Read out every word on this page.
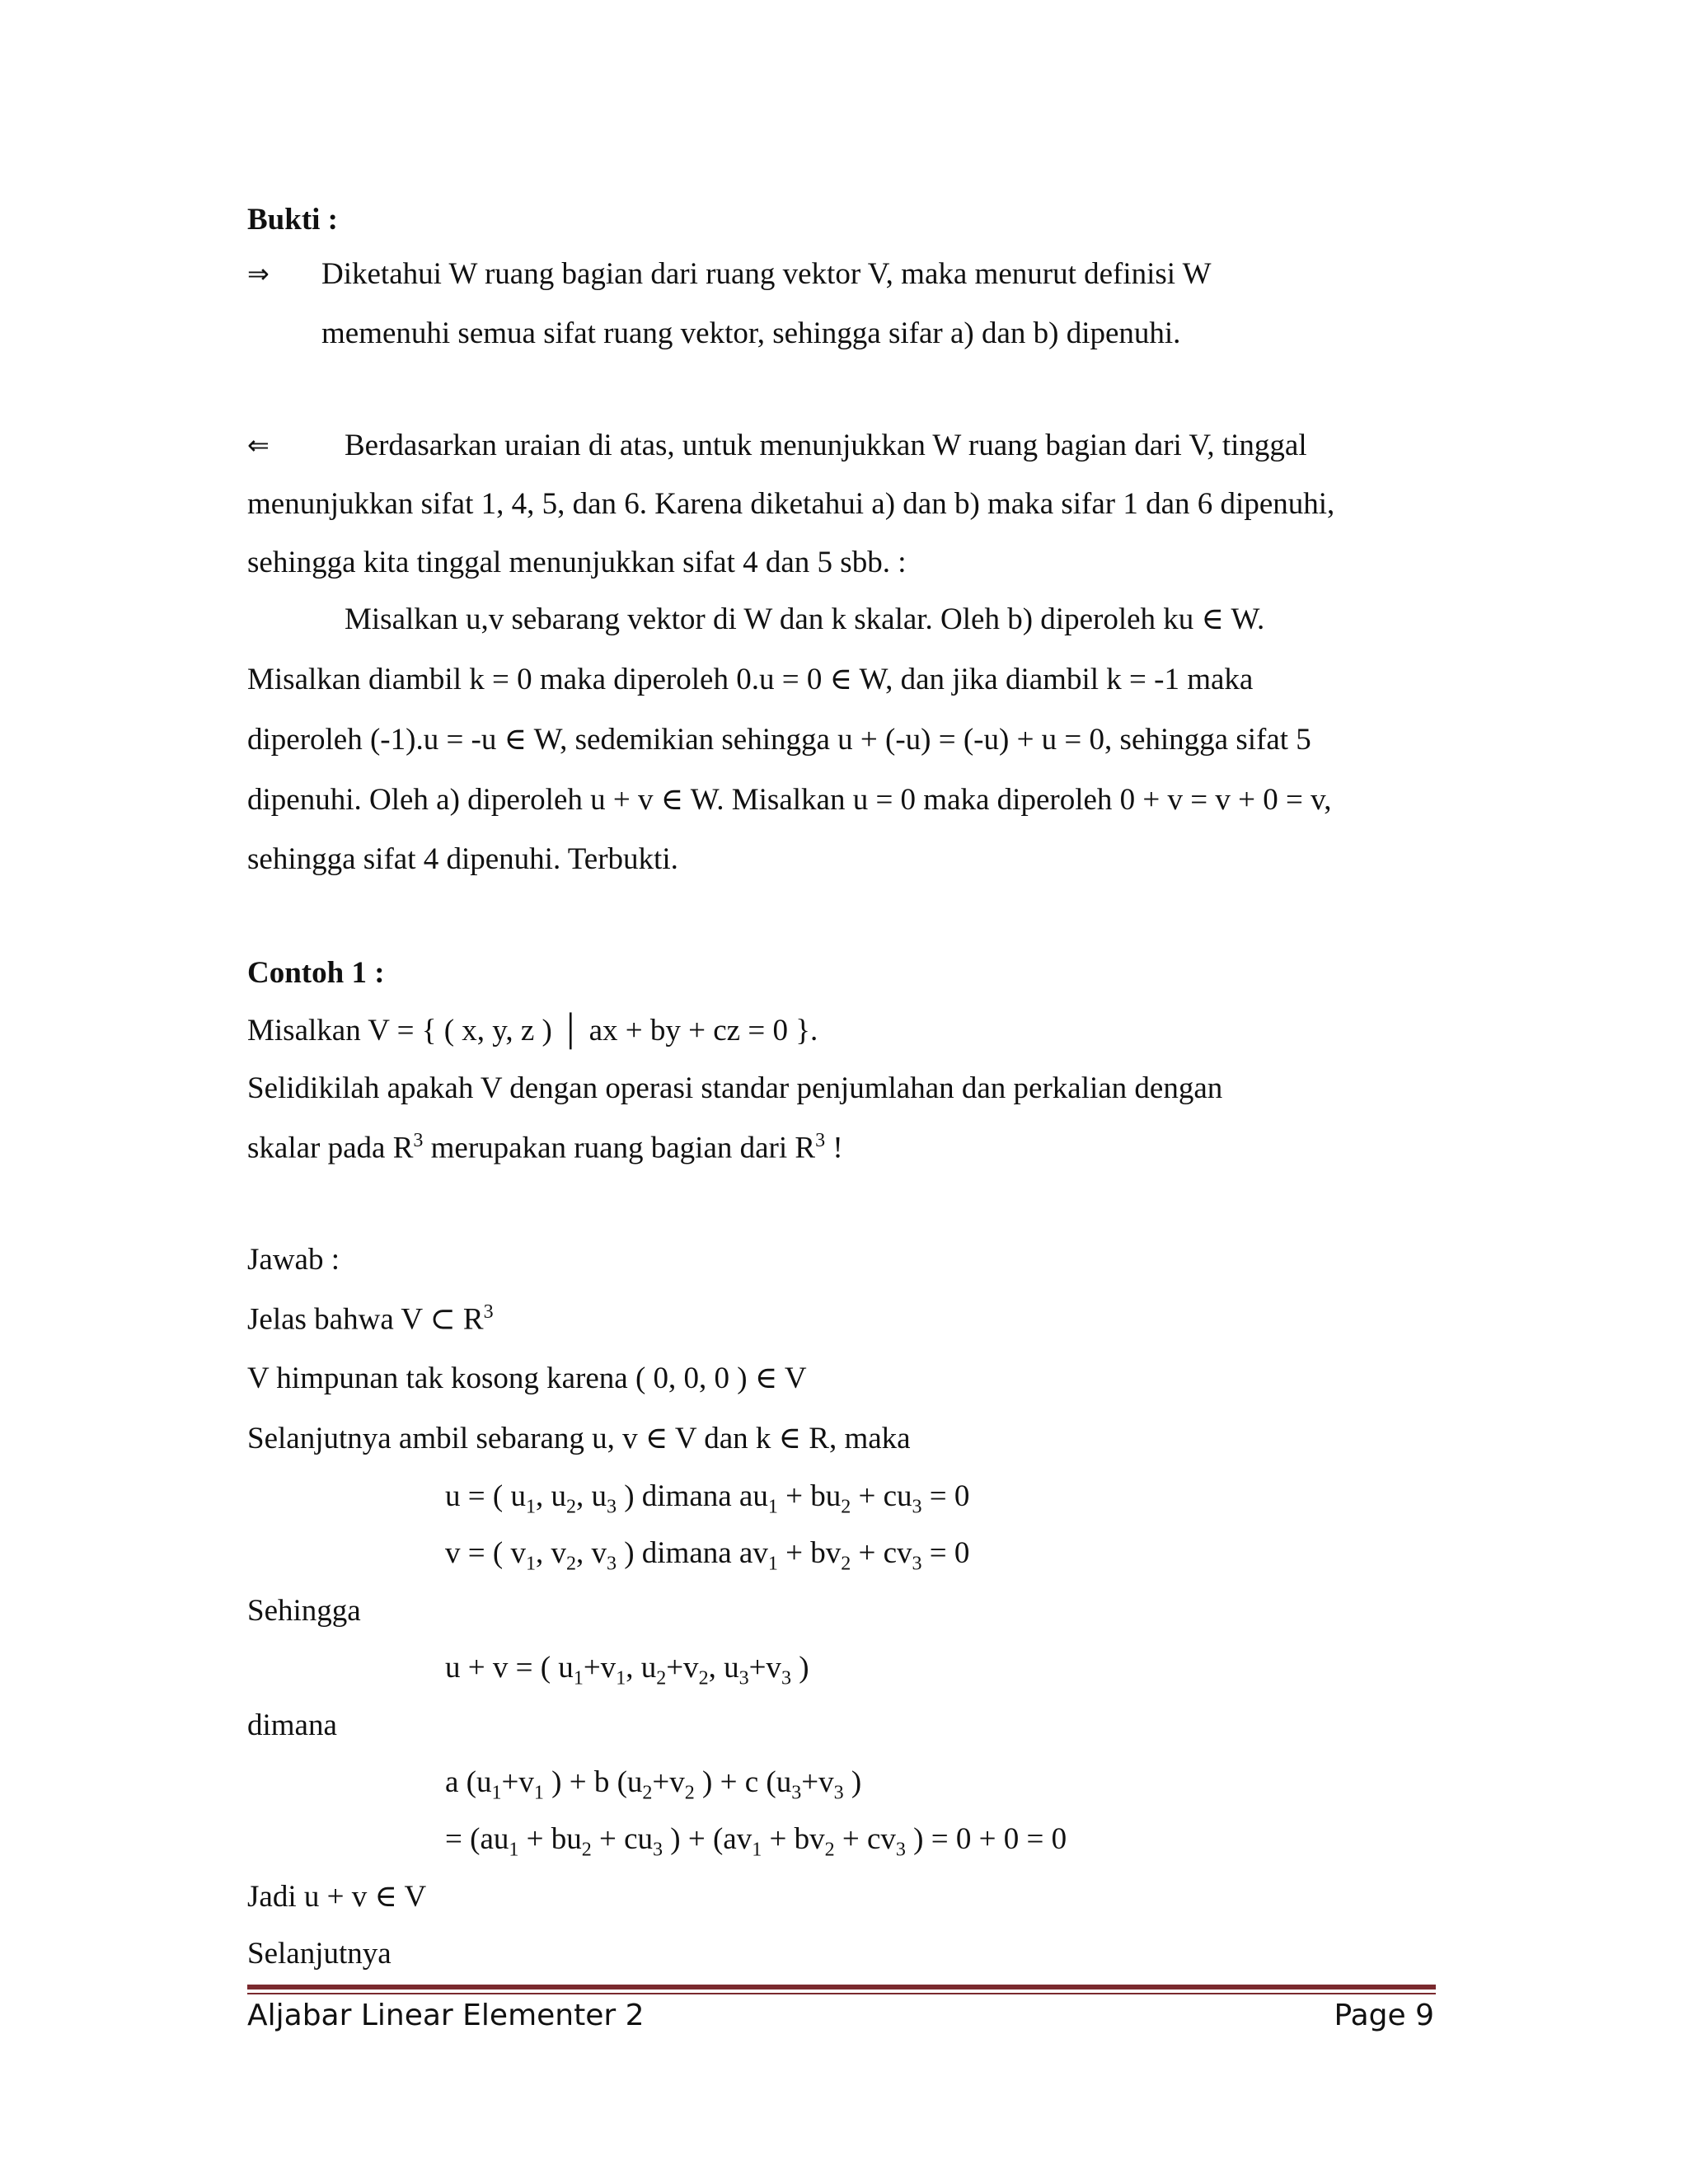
Bukti :
⇒ Diketahui W ruang bagian dari ruang vektor V, maka menurut definisi W
memenuhi semua sifat ruang vektor, sehingga sifar a) dan b) dipenuhi.
⇐ Berdasarkan uraian di atas, untuk menunjukkan W ruang bagian dari V, tinggal
menunjukkan sifat 1, 4, 5, dan 6. Karena diketahui a) dan b) maka sifar 1 dan 6 dipenuhi,
sehingga kita tinggal menunjukkan sifat 4 dan 5 sbb. :
Misalkan u,v sebarang vektor di W dan k skalar. Oleh b) diperoleh ku ∈ W.
Misalkan diambil k = 0 maka diperoleh 0.u = 0 ∈ W, dan jika diambil k = -1 maka
diperoleh (-1).u = -u ∈ W, sedemikian sehingga u + (-u) = (-u) + u = 0, sehingga sifat 5
dipenuhi. Oleh a) diperoleh u + v ∈ W. Misalkan u = 0 maka diperoleh 0 + v = v + 0 = v,
sehingga sifat 4 dipenuhi. Terbukti.
Contoh 1 :
Misalkan V = { ( x, y, z ) │ ax + by + cz = 0 }.
Selidikilah apakah V dengan operasi standar penjumlahan dan perkalian dengan
skalar pada $R^3$ merupakan ruang bagian dari $R^3$ !
Jawab :
Jelas bahwa V ⊂ $R^3$
V himpunan tak kosong karena ( 0, 0, 0 ) ∈ V
Selanjutnya ambil sebarang u, v ∈ V dan k ∈ R, maka
u = ( $u_1$, $u_2$, $u_3$ ) dimana $au_1 + bu_2 + cu_3 = 0$
v = ( $v_1$, $v_2$, $v_3$ ) dimana $av_1 + bv_2 + cv_3 = 0$
Sehingga
u + v = ( $u_1+v_1$, $u_2+v_2$, $u_3+v_3$ )
dimana
a ($u_1+v_1$ ) + b ($u_2+v_2$ ) + c ($u_3+v_3$ )
= ($au_1 + bu_2 + cu_3$ ) + ($av_1 + bv_2 + cv_3$ ) = 0 + 0 = 0
Jadi u + v ∈ V
Selanjutnya
Aljabar Linear Elementer 2	Page 9
